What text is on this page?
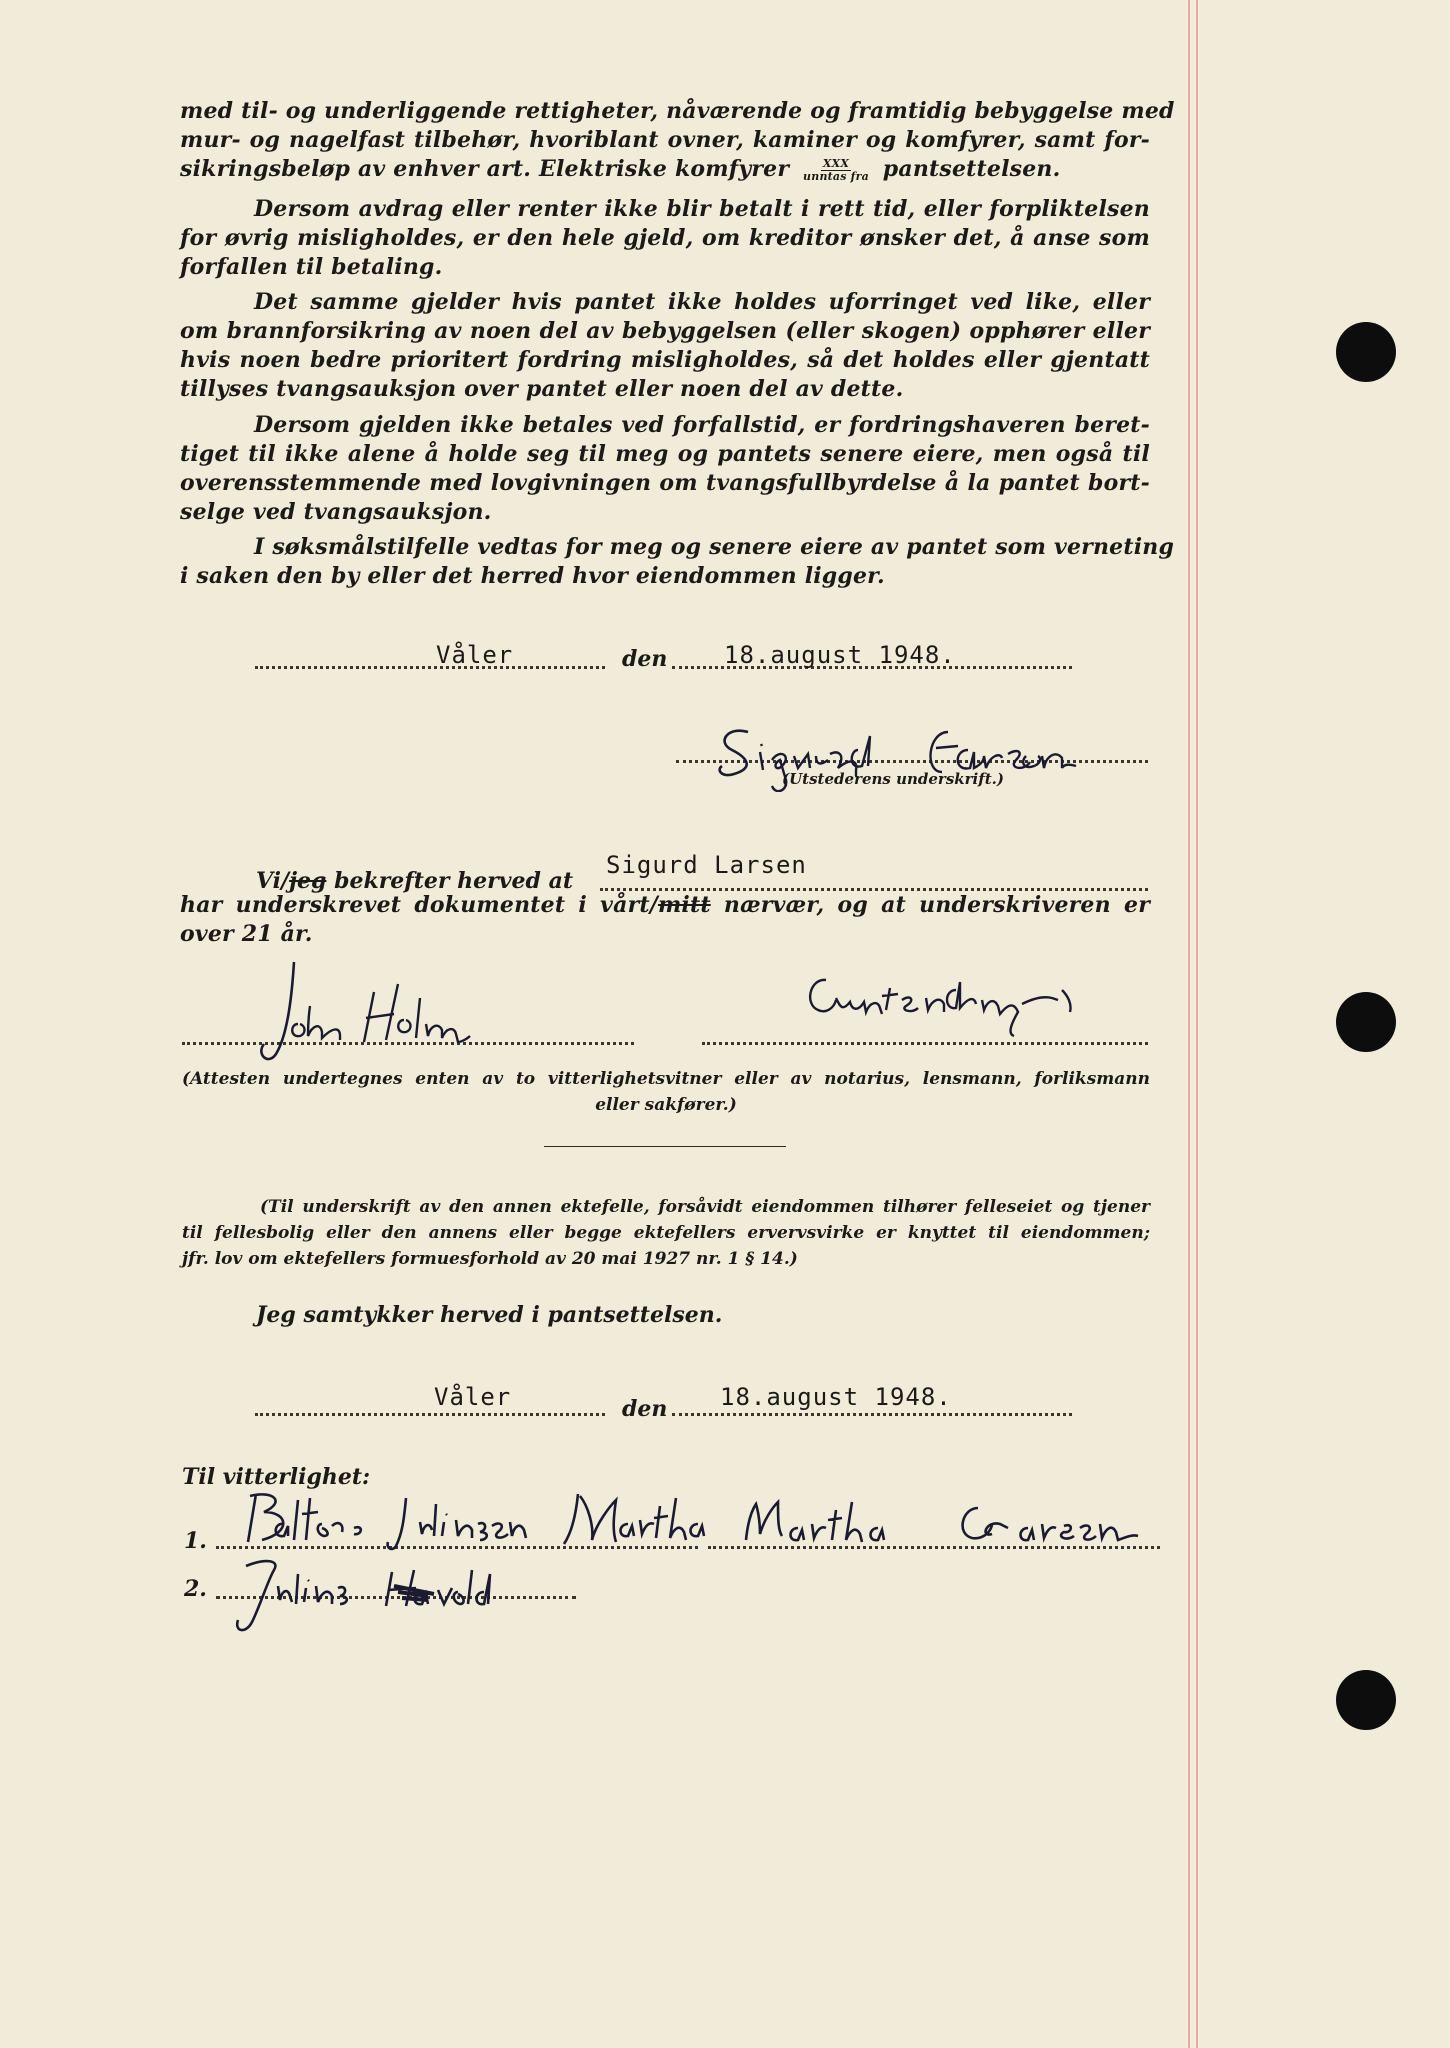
med til- og underliggende rettigheter, nåværende og framtidig bebyggelse med
mur- og nagelfast tilbehør, hvoriblant ovner, kaminer og komfyrer, samt for-
sikringsbeløp av enhver art. Elektriske komfyrer $\frac{\text{XXX}}{\text{unntas fra}}$ pantsettelsen.
Dersom avdrag eller renter ikke blir betalt i rett tid, eller forpliktelsen
for øvrig misligholdes, er den hele gjeld, om kreditor ønsker det, å anse som
forfallen til betaling.
Det samme gjelder hvis pantet ikke holdes uforringet ved like, eller
om brannforsikring av noen del av bebyggelsen (eller skogen) opphører eller
hvis noen bedre prioritert fordring misligholdes, så det holdes eller gjentatt
tillyses tvangsauksjon over pantet eller noen del av dette.
Dersom gjelden ikke betales ved forfallstid, er fordringshaveren beret-
tiget til ikke alene å holde seg til meg og pantets senere eiere, men også til
overensstemmende med lovgivningen om tvangsfullbyrdelse å la pantet bort-
selge ved tvangsauksjon.
I søksmålstilfelle vedtas for meg og senere eiere av pantet som verneting
i saken den by eller det herred hvor eiendommen ligger.
Våler	den 18.august 1948.
(Utstederens underskrift.)
Vi/jeg bekrefter herved at
Sigurd Larsen
har underskrevet dokumentet i vårt/mitt nærvær, og at underskriveren er
over 21 år.
(Attesten undertegnes enten av to vitterlighetsvitner eller av notarius, lensmann, forliksmann
eller sakfører.)
(Til underskrift av den annen ektefelle, forsåvidt eiendommen tilhører felleseiet og tjener
til fellesbolig eller den annens eller begge ektefellers ervervsvirke er knyttet til eiendommen;
jfr. lov om ektefellers formuesforhold av 20 mai 1927 nr. 1 § 14.)
Jeg samtykker herved i pantsettelsen.
Våler	den 18.august 1948.
Til vitterlighet:
1.
2.
